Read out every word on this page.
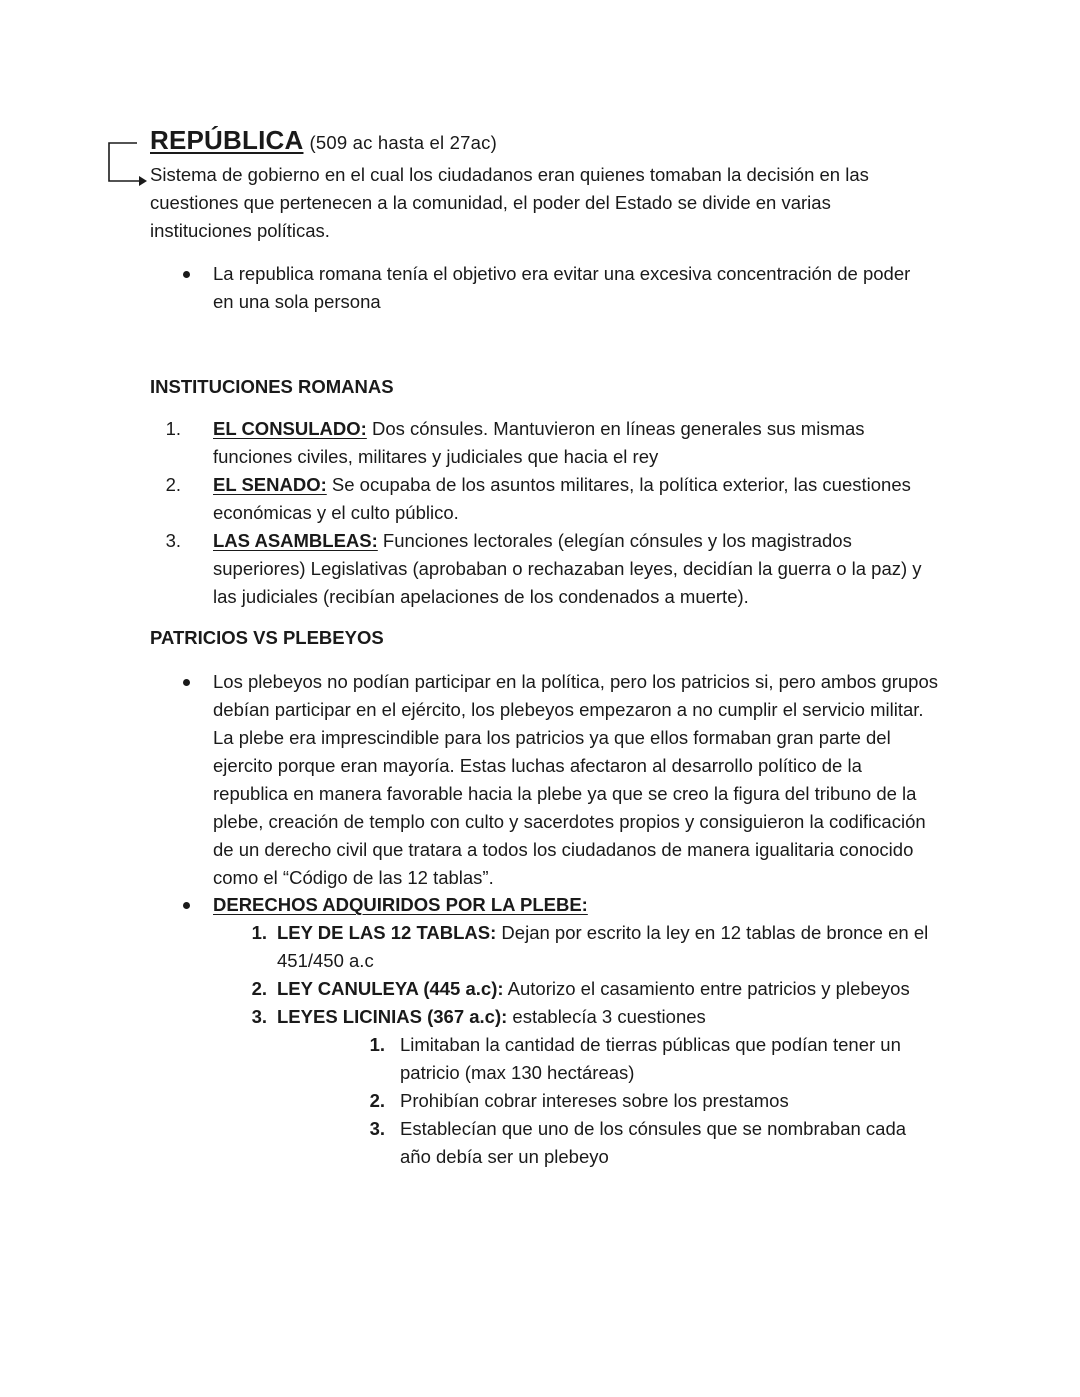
REPÚBLICA (509 ac hasta el 27ac)
Sistema de gobierno en el cual los ciudadanos eran quienes tomaban la decisión en las cuestiones que pertenecen a la comunidad, el poder del Estado se divide en varias instituciones políticas.
La republica romana tenía el objetivo era evitar una excesiva concentración de poder en una sola persona
INSTITUCIONES ROMANAS
1. EL CONSULADO: Dos cónsules. Mantuvieron en líneas generales sus mismas funciones civiles, militares y judiciales que hacia el rey
2. EL SENADO: Se ocupaba de los asuntos militares, la política exterior, las cuestiones económicas y el culto público.
3. LAS ASAMBLEAS: Funciones lectorales (elegían cónsules y los magistrados superiores) Legislativas (aprobaban o rechazaban leyes, decidían la guerra o la paz) y las judiciales (recibían apelaciones de los condenados a muerte).
PATRICIOS VS PLEBEYOS
Los plebeyos no podían participar en la política, pero los patricios si, pero ambos grupos debían participar en el ejército, los plebeyos empezaron a no cumplir el servicio militar. La plebe era imprescindible para los patricios ya que ellos formaban gran parte del ejercito porque eran mayoría. Estas luchas afectaron al desarrollo político de la republica en manera favorable hacia la plebe ya que se creo la figura del tribuno de la plebe, creación de templo con culto y sacerdotes propios y consiguieron la codificación de un derecho civil que tratara a todos los ciudadanos de manera igualitaria conocido como el “Código de las 12 tablas”.
DERECHOS ADQUIRIDOS POR LA PLEBE:
1. LEY DE LAS 12 TABLAS: Dejan por escrito la ley en 12 tablas de bronce en el 451/450 a.c
2. LEY CANULEYA (445 a.c): Autorizo el casamiento entre patricios y plebeyos
3. LEYES LICINIAS (367 a.c): establecía 3 cuestiones
1. Limitaban la cantidad de tierras públicas que podían tener un patricio (max 130 hectáreas)
2. Prohibían cobrar intereses sobre los prestamos
3. Establecían que uno de los cónsules que se nombraban cada año debía ser un plebeyo
